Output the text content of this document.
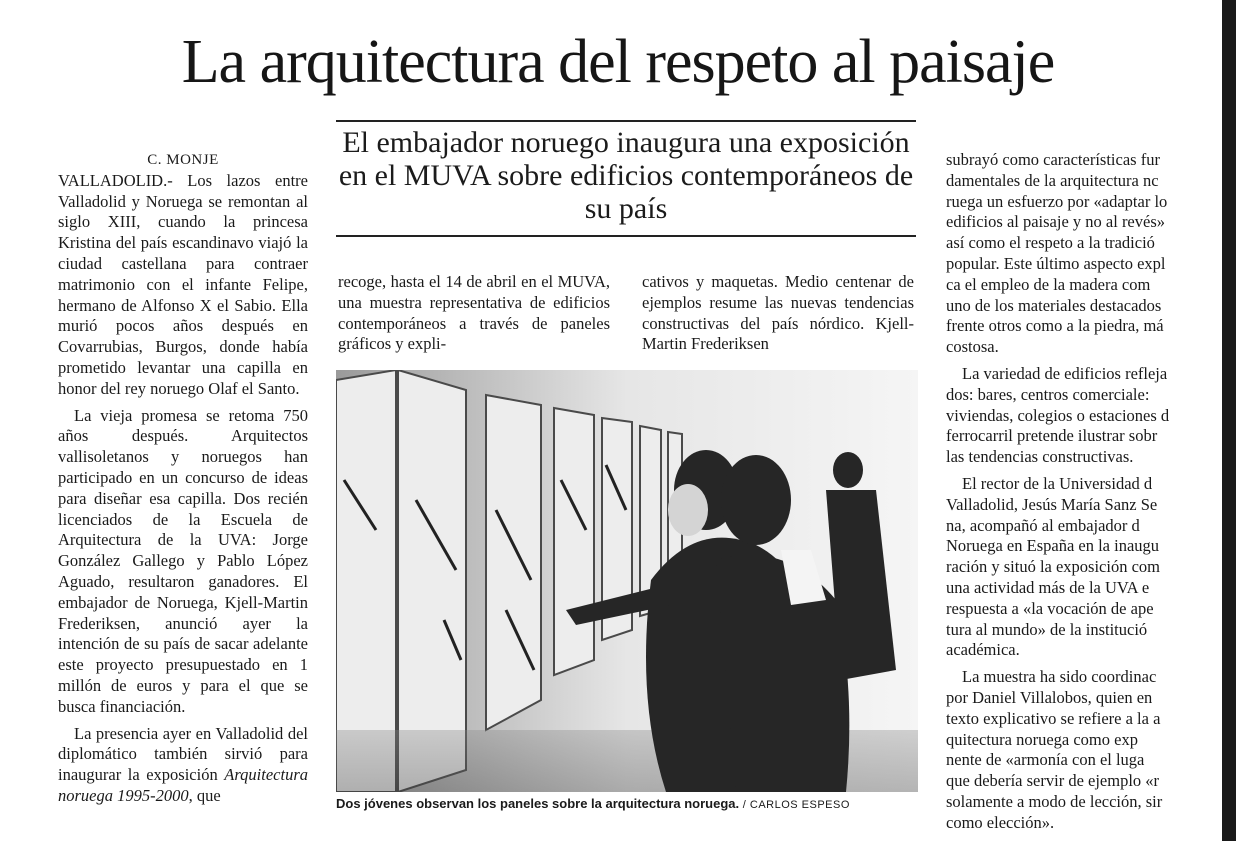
La arquitectura del respeto al paisaje
C. MONJE

VALLADOLID.- Los lazos entre Valladolid y Noruega se remontan al siglo XIII, cuando la princesa Kristina del país escandinavo viajó la ciudad castellana para contraer matrimonio con el infante Felipe, hermano de Alfonso X el Sabio. Ella murió pocos años después en Covarrubias, Burgos, donde había prometido levantar una capilla en honor del rey noruego Olaf el Santo.

La vieja promesa se retoma 750 años después. Arquitectos vallisoletanos y noruegos han participado en un concurso de ideas para diseñar esa capilla. Dos recién licenciados de la Escuela de Arquitectura de la UVA: Jorge González Gallego y Pablo López Aguado, resultaron ganadores. El embajador de Noruega, Kjell-Martin Frederiksen, anunció ayer la intención de su país de sacar adelante este proyecto presupuestado en 1 millón de euros y para el que se busca financiación.

La presencia ayer en Valladolid del diplomático también sirvió para inaugurar la exposición Arquitectura noruega 1995-2000, que

El embajador noruego inaugura una exposición en el MUVA sobre edificios contemporáneos de su país

recoge, hasta el 14 de abril en el MUVA, una muestra representativa de edificios contemporáneos a través de paneles gráficos y expli-

cativos y maquetas. Medio centenar de ejemplos resume las nuevas tendencias constructivas del país nórdico. Kjell-Martin Frederiksen

Dos jóvenes observan los paneles sobre la arquitectura noruega. / CARLOS ESPESO

subrayó como características fur

damentales de la arquitectura nc

ruega un esfuerzo por «adaptar lo

edificios al paisaje y no al revés»

así como el respeto a la tradició

popular. Este último aspecto expl

ca el empleo de la madera com

uno de los materiales destacados

frente otros como a la piedra, má

costosa.

La variedad de edificios refleja

dos: bares, centros comerciale:

viviendas, colegios o estaciones d

ferrocarril pretende ilustrar sobr

las tendencias constructivas.

El rector de la Universidad d

Valladolid, Jesús María Sanz Se

na, acompañó al embajador d

Noruega en España en la inaugu

ración y situó la exposición com

una actividad más de la UVA e

respuesta a «la vocación de ape

tura al mundo» de la institució

académica.

La muestra ha sido coordinac

por Daniel Villalobos, quien en

texto explicativo se refiere a la a

quitectura noruega como exp

nente de «armonía con el luga

que debería servir de ejemplo «r

solamente a modo de lección, sir

como elección».
